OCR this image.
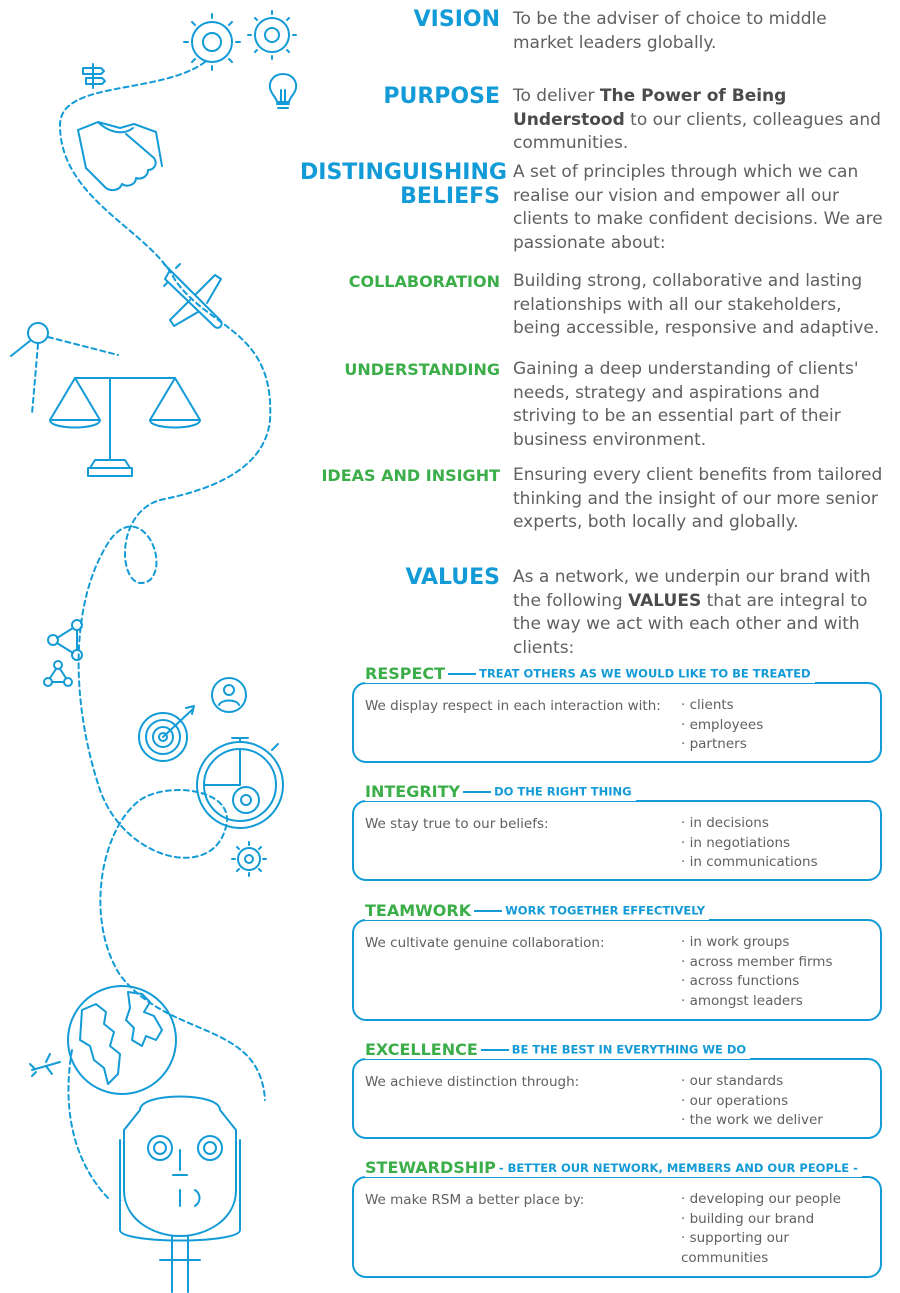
VISION To be the adviser of choice to middle market leaders globally.
PURPOSE To deliver The Power of Being Understood to our clients, colleagues and communities.
DISTINGUISHING
BELIEFS
A set of principles through which we can realise our vision and empower all our clients to make confident decisions. We are passionate about:
COLLABORATION Building strong, collaborative and lasting relationships with all our stakeholders, being accessible, responsive and adaptive.
UNDERSTANDING Gaining a deep understanding of clients' needs, strategy and aspirations and striving to be an essential part of their business environment.
IDEAS AND INSIGHT Ensuring every client benefits from tailored thinking and the insight of our more senior experts, both locally and globally.
VALUES As a network, we underpin our brand with the following VALUES that are integral to the way we act with each other and with clients:
RESPECT	TREAT OTHERS AS WE WOULD LIKE TO BE TREATED
We display respect in each interaction with:	· clients
· employees
· partners
INTEGRITY	DO THE RIGHT THING
We stay true to our beliefs:	· in decisions
· in negotiations
· in communications
TEAMWORK	WORK TOGETHER EFFECTIVELY
We cultivate genuine collaboration:	· in work groups
· across member firms
· across functions
· amongst leaders
EXCELLENCE	BE THE BEST IN EVERYTHING WE DO
We achieve distinction through:	· our standards
· our operations
· the work we deliver
STEWARDSHIP - BETTER OUR NETWORK, MEMBERS AND OUR PEOPLE -
We make RSM a better place by:	· developing our people
· building our brand
· supporting our communities
